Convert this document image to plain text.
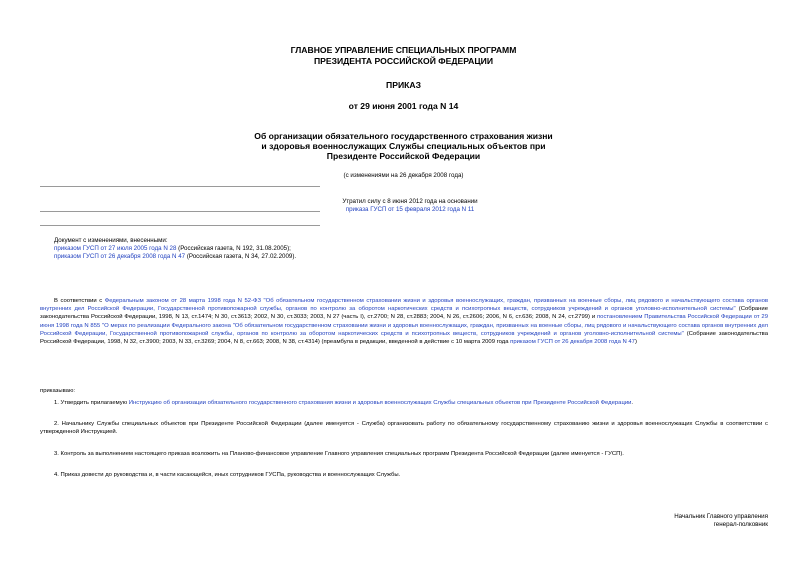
ГЛАВНОЕ УПРАВЛЕНИЕ СПЕЦИАЛЬНЫХ ПРОГРАММ
ПРЕЗИДЕНТА РОССИЙСКОЙ ФЕДЕРАЦИИ
ПРИКАЗ
от 29 июня 2001 года N 14
Об организации обязательного государственного страхования жизни
и здоровья военнослужащих Службы специальных объектов при
Президенте Российской Федерации
(с изменениями на 26 декабря 2008 года)
Утратил силу с 8 июня 2012 года на основании
приказа ГУСП от 15 февраля 2012 года N 11
Документ с изменениями, внесенными:
приказом ГУСП от 27 июля 2005 года N 28 (Российская газета, N 192, 31.08.2005);
приказом ГУСП от 26 декабря 2008 года N 47 (Российская газета, N 34, 27.02.2009).
В соответствии с Федеральным законом от 28 марта 1998 года N 52-ФЗ "Об обязательном государственном страховании жизни и здоровья военнослужащих, граждан, призванных на военные сборы, лиц рядового и начальствующего состава органов внутренних дел Российской Федерации, Государственной противопожарной службы, органов по контролю за оборотом наркотических средств и психотропных веществ, сотрудников учреждений и органов уголовно-исполнительной системы" (Собрание законодательства Российской Федерации, 1998, N 13, ст.1474; N 30, ст.3613; 2002, N 30, ст.3033; 2003, N 27 (часть I), ст.2700; N 28, ст.2883; 2004, N 26, ст.2606; 2006, N 6, ст.636; 2008, N 24, ст.2799) и постановлением Правительства Российской Федерации от 29 июня 1998 года N 855 "О мерах по реализации Федерального закона "Об обязательном государственном страховании жизни и здоровья военнослужащих, граждан, призванных на военные сборы, лиц рядового и начальствующего состава органов внутренних дел Российской Федерации, Государственной противопожарной службы, органов по контролю за оборотом наркотических средств и психотропных веществ, сотрудников учреждений и органов уголовно-исполнительной системы" (Собрание законодательства Российской Федерации, 1998, N 32, ст.3900; 2003, N 33, ст.3269; 2004, N 8, ст.663; 2008, N 38, ст.4314) (преамбула в редакции, введенной в действие с 10 марта 2009 года приказом ГУСП от 26 декабря 2008 года N 47)
приказываю:
1. Утвердить прилагаемую Инструкцию об организации обязательного государственного страхования жизни и здоровья военнослужащих Службы специальных объектов при Президенте Российской Федерации.
2. Начальнику Службы специальных объектов при Президенте Российской Федерации (далее именуется - Служба) организовать работу по обязательному государственному страхованию жизни и здоровья военнослужащих Службы в соответствии с утвержденной Инструкцией.
3. Контроль за выполнением настоящего приказа возложить на Планово-финансовое управление Главного управления специальных программ Президента Российской Федерации (далее именуется - ГУСП).
4. Приказ довести до руководства и, в части касающейся, иных сотрудников ГУСПа, руководства и военнослужащих Службы.
Начальник Главного управления
генерал-полковник
